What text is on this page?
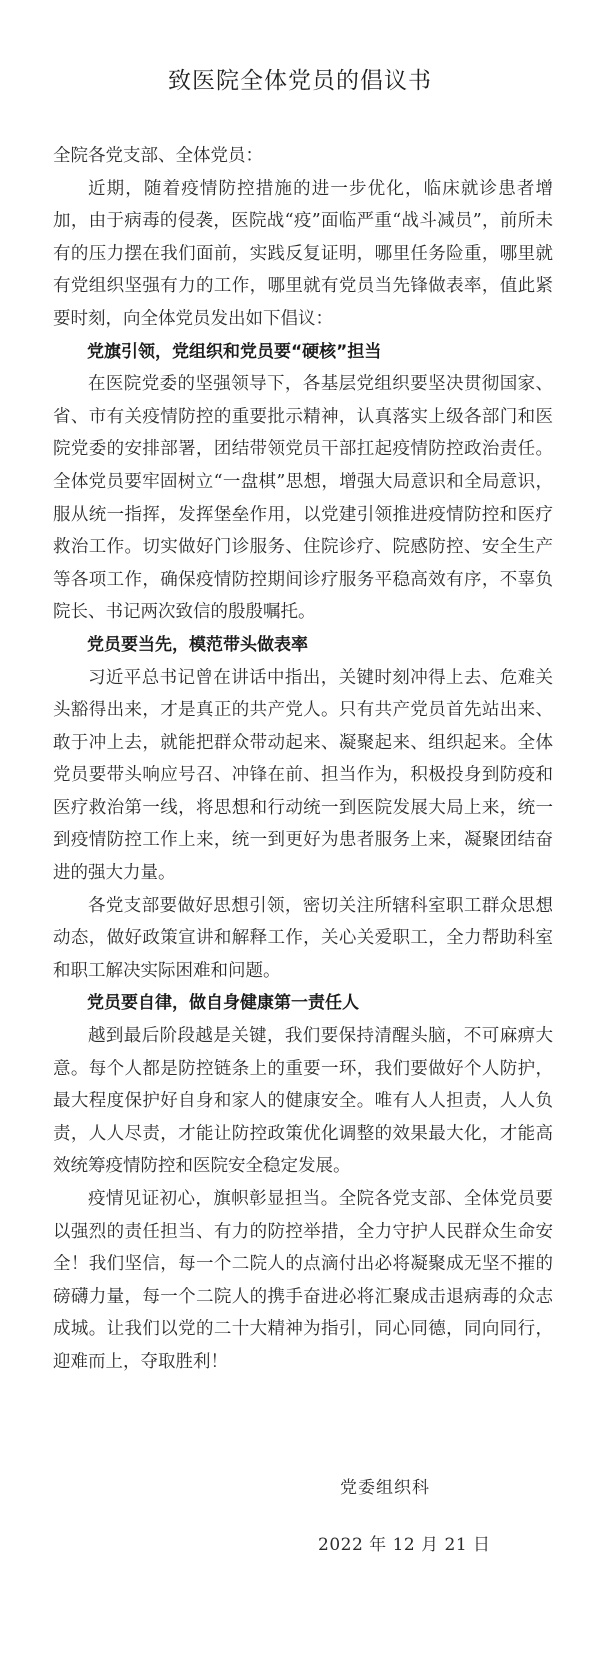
致医院全体党员的倡议书

全院各党支部、全体党员：

近期，随着疫情防控措施的进一步优化，临床就诊患者增加，由于病毒的侵袭，医院战“疫”面临严重“战斗减员”，前所未有的压力摆在我们面前，实践反复证明，哪里任务险重，哪里就有党组织坚强有力的工作，哪里就有党员当先锋做表率，值此紧要时刻，向全体党员发出如下倡议：

党旗引领，党组织和党员要“硬核”担当

在医院党委的坚强领导下，各基层党组织要坚决贯彻国家、省、市有关疫情防控的重要批示精神，认真落实上级各部门和医院党委的安排部署，团结带领党员干部扛起疫情防控政治责任。全体党员要牢固树立“一盘棋”思想，增强大局意识和全局意识，服从统一指挥，发挥堡垒作用，以党建引领推进疫情防控和医疗救治工作。切实做好门诊服务、住院诊疗、院感防控、安全生产等各项工作，确保疫情防控期间诊疗服务平稳高效有序，不辜负院长、书记两次致信的殷殷嘱托。

党员要当先，模范带头做表率

习近平总书记曾在讲话中指出，关键时刻冲得上去、危难关头豁得出来，才是真正的共产党人。只有共产党员首先站出来、敢于冲上去，就能把群众带动起来、凝聚起来、组织起来。全体党员要带头响应号召、冲锋在前、担当作为，积极投身到防疫和医疗救治第一线，将思想和行动统一到医院发展大局上来，统一到疫情防控工作上来，统一到更好为患者服务上来，凝聚团结奋进的强大力量。

各党支部要做好思想引领，密切关注所辖科室职工群众思想动态，做好政策宣讲和解释工作，关心关爱职工，全力帮助科室和职工解决实际困难和问题。

党员要自律，做自身健康第一责任人

越到最后阶段越是关键，我们要保持清醒头脑，不可麻痹大意。每个人都是防控链条上的重要一环，我们要做好个人防护，最大程度保护好自身和家人的健康安全。唯有人人担责，人人负责，人人尽责，才能让防控政策优化调整的效果最大化，才能高效统筹疫情防控和医院安全稳定发展。

疫情见证初心，旗帜彰显担当。全院各党支部、全体党员要以强烈的责任担当、有力的防控举措，全力守护人民群众生命安全！我们坚信，每一个二院人的点滴付出必将凝聚成无坚不摧的磅礴力量，每一个二院人的携手奋进必将汇聚成击退病毒的众志成城。让我们以党的二十大精神为指引，同心同德，同向同行，迎难而上，夺取胜利！

党委组织科
2022 年 12 月 21 日
